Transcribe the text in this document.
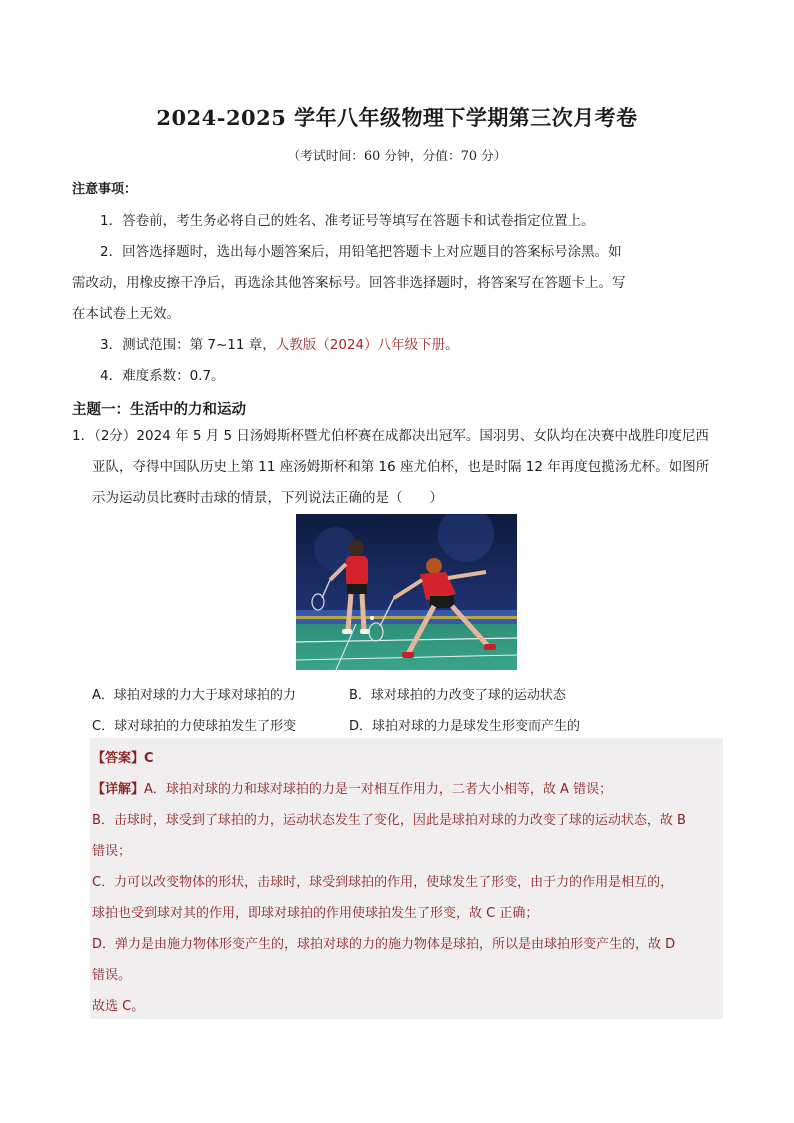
2024-2025 学年八年级物理下学期第三次月考卷
（考试时间：60 分钟，分值：70 分）
注意事项：
1．答卷前，考生务必将自己的姓名、准考证号等填写在答题卡和试卷指定位置上。
2．回答选择题时，选出每小题答案后，用铅笔把答题卡上对应题目的答案标号涂黑。如
需改动，用橡皮擦干净后，再选涂其他答案标号。回答非选择题时，将答案写在答题卡上。写
在本试卷上无效。
3．测试范围：第 7~11 章，人教版（2024）八年级下册。
4．难度系数：0.7。
主题一：生活中的力和运动
1．（2分）2024 年 5 月 5 日汤姆斯杯暨尤伯杯赛在成都决出冠军。国羽男、女队均在决赛中战胜印度尼西
亚队，夺得中国队历史上第 11 座汤姆斯杯和第 16 座尤伯杯，也是时隔 12 年再度包揽汤尤杯。如图所
示为运动员比赛时击球的情景，下列说法正确的是（　　）
A．球拍对球的力大于球对球拍的力	B．球对球拍的力改变了球的运动状态
C．球对球拍的力使球拍发生了形变	D．球拍对球的力是球发生形变而产生的
【答案】C
【详解】A．球拍对球的力和球对球拍的力是一对相互作用力，二者大小相等，故 A 错误；
B．击球时，球受到了球拍的力，运动状态发生了变化，因此是球拍对球的力改变了球的运动状态，故 B
错误；
C．力可以改变物体的形状，击球时，球受到球拍的作用，使球发生了形变，由于力的作用是相互的，
球拍也受到球对其的作用，即球对球拍的作用使球拍发生了形变，故 C 正确；
D．弹力是由施力物体形变产生的，球拍对球的力的施力物体是球拍，所以是由球拍形变产生的，故 D
错误。
故选 C。
